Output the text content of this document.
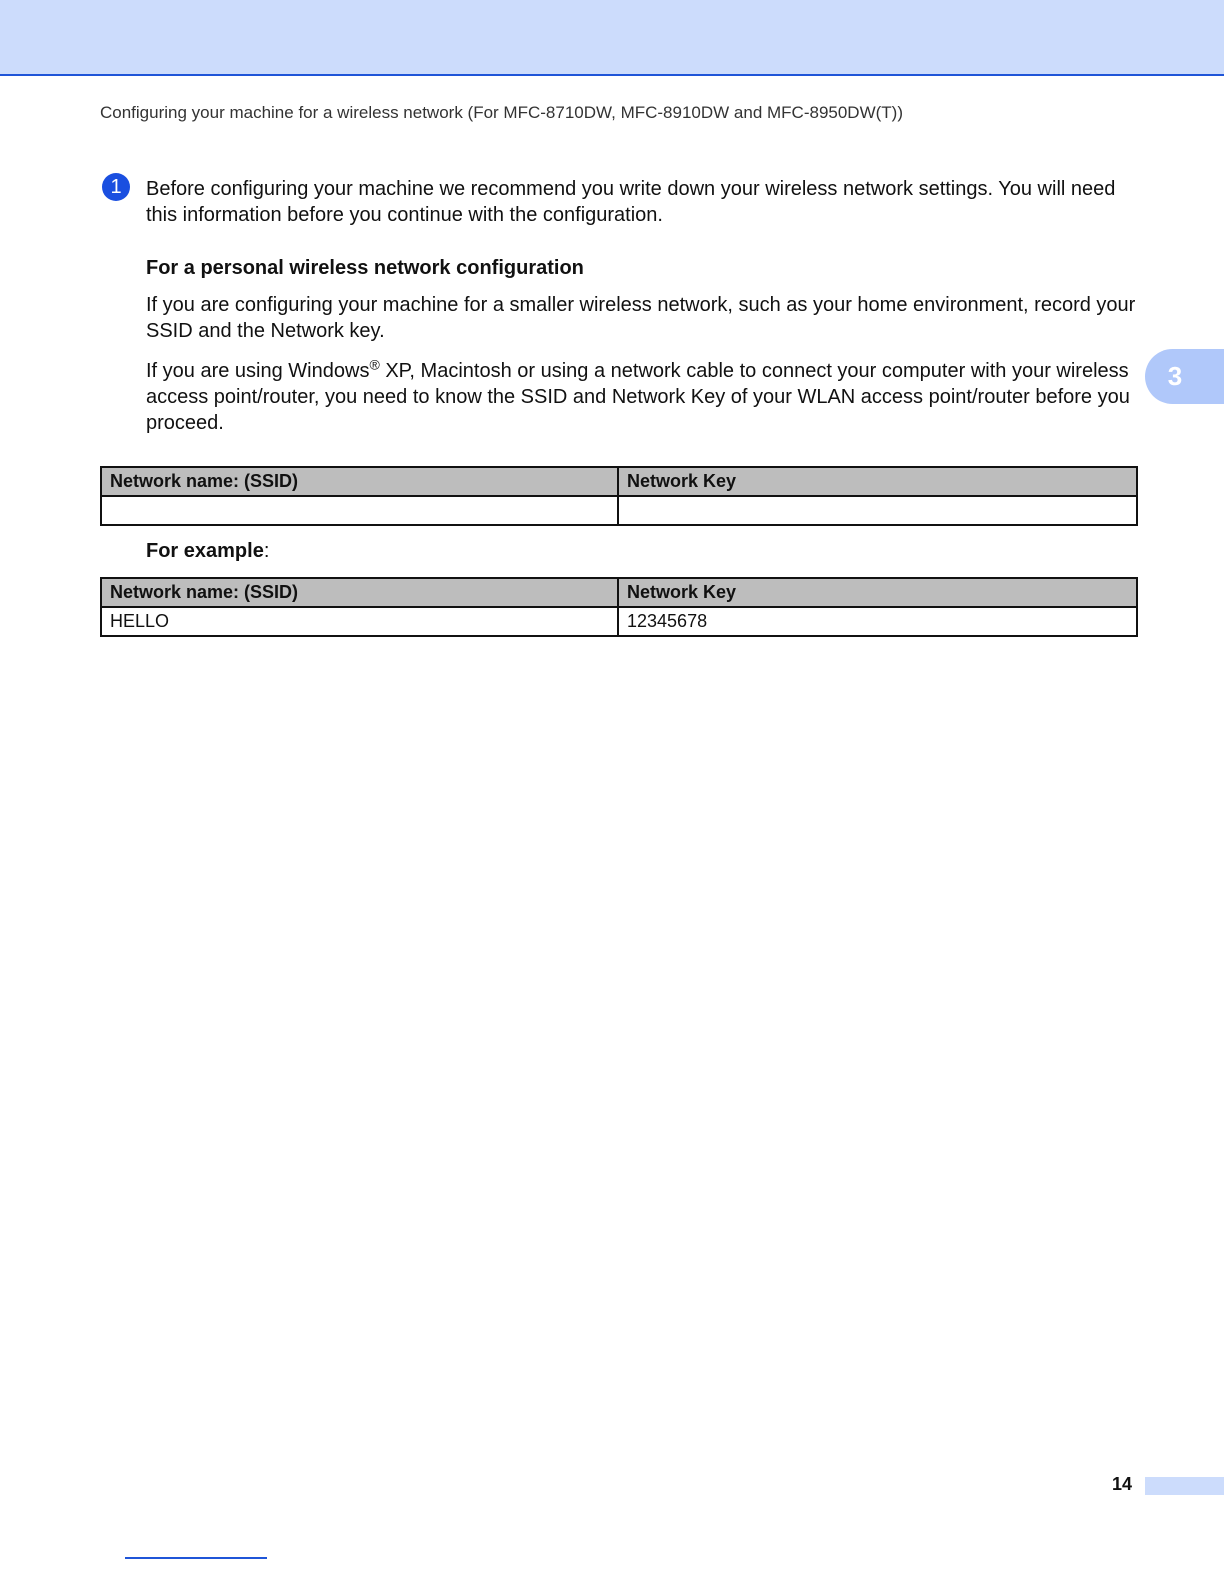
Configuring your machine for a wireless network (For MFC-8710DW, MFC-8910DW and MFC-8950DW(T))
1	Before configuring your machine we recommend you write down your wireless network settings. You will need this information before you continue with the configuration.

For a personal wireless network configuration

If you are configuring your machine for a smaller wireless network, such as your home environment, record your SSID and the Network key.

If you are using Windows® XP, Macintosh or using a network cable to connect your computer with your wireless access point/router, you need to know the SSID and Network Key of your WLAN access point/router before you proceed.

3
Network name: (SSID)	Network Key

For example:

Network name: (SSID)	Network Key
HELLO	12345678
14
